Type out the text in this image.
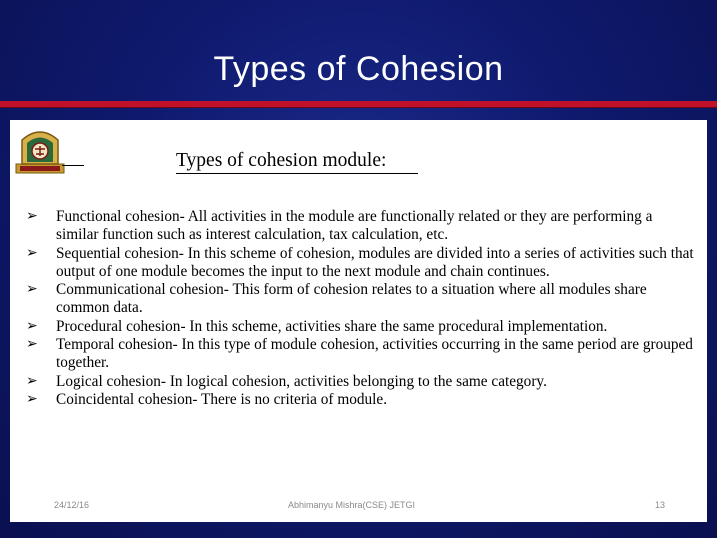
Types of Cohesion
Types of cohesion module:
➢	Functional cohesion- All activities in the module are functionally related or they are performing a similar function such as interest calculation, tax calculation, etc.
➢	Sequential cohesion- In this scheme of cohesion, modules are divided into a series of activities such that output of one module becomes the input to the next module and chain continues.
➢	Communicational cohesion- This form of cohesion relates to a situation where all modules share common data.
➢	Procedural cohesion- In this scheme, activities share the same procedural implementation.
➢	Temporal cohesion- In this type of module cohesion, activities occurring in the same period are grouped together.
➢	Logical cohesion- In logical cohesion, activities belonging to the same category.
➢	Coincidental cohesion- There is no criteria of module.
24/12/16	Abhimanyu Mishra(CSE) JETGI	13
